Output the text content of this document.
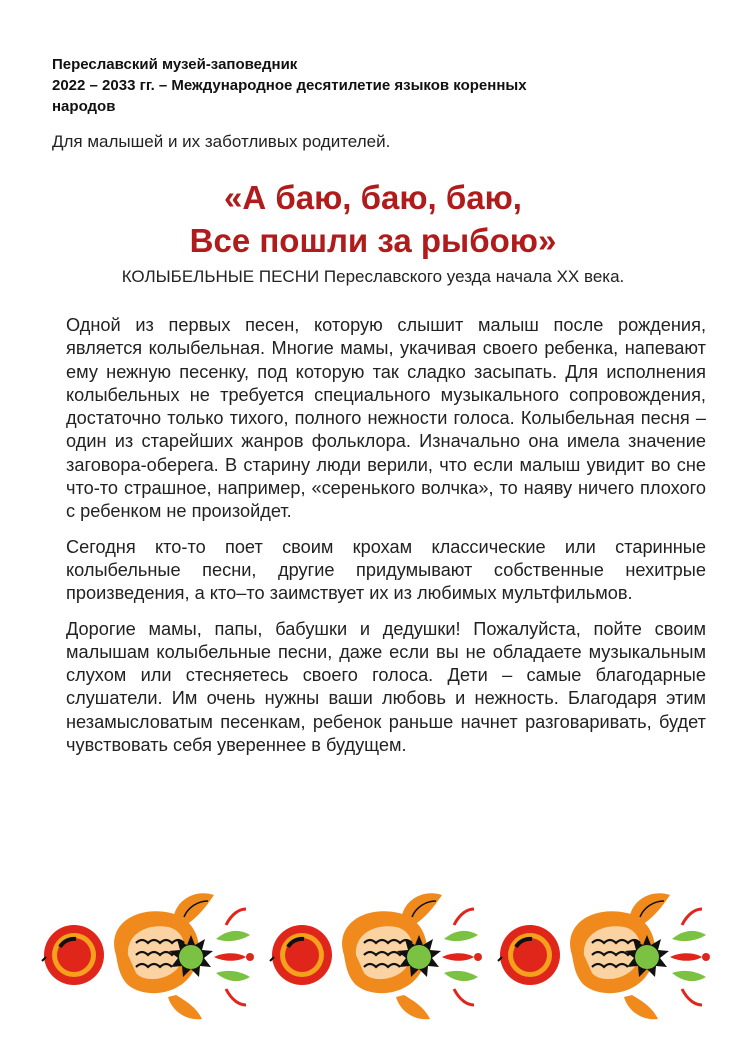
Переславский музей-заповедник
2022 – 2033 гг. – Международное десятилетие языков коренных
народов
Для малышей и их заботливых родителей.
«А баю, баю, баю,
Все пошли за рыбою»
КОЛЫБЕЛЬНЫЕ ПЕСНИ Переславского уезда начала XX века.

Одной из первых песен, которую слышит малыш после рождения, является колыбельная. Многие мамы, укачивая своего ребенка, напевают ему нежную песенку, под которую так сладко засыпать. Для исполнения колыбельных не требуется специального музыкального сопровождения, достаточно только тихого, полного нежности голоса. Колыбельная песня – один из старейших жанров фольклора. Изначально она имела значение заговора-оберега. В старину люди верили, что если малыш увидит во сне что-то страшное, например, «серенького волчка», то наяву ничего плохого с ребенком не произойдет.

Сегодня кто-то поет своим крохам классические или старинные колыбельные песни, другие придумывают собственные нехитрые произведения, а кто–то заимствует их из любимых мультфильмов.

Дорогие мамы, папы, бабушки и дедушки! Пожалуйста, пойте своим малышам колыбельные песни, даже если вы не обладаете музыкальным слухом или стесняетесь своего голоса. Дети – самые благодарные слушатели. Им очень нужны ваши любовь и нежность. Благодаря этим незамысловатым песенкам, ребенок раньше начнет разговаривать, будет чувствовать себя увереннее в будущем.
